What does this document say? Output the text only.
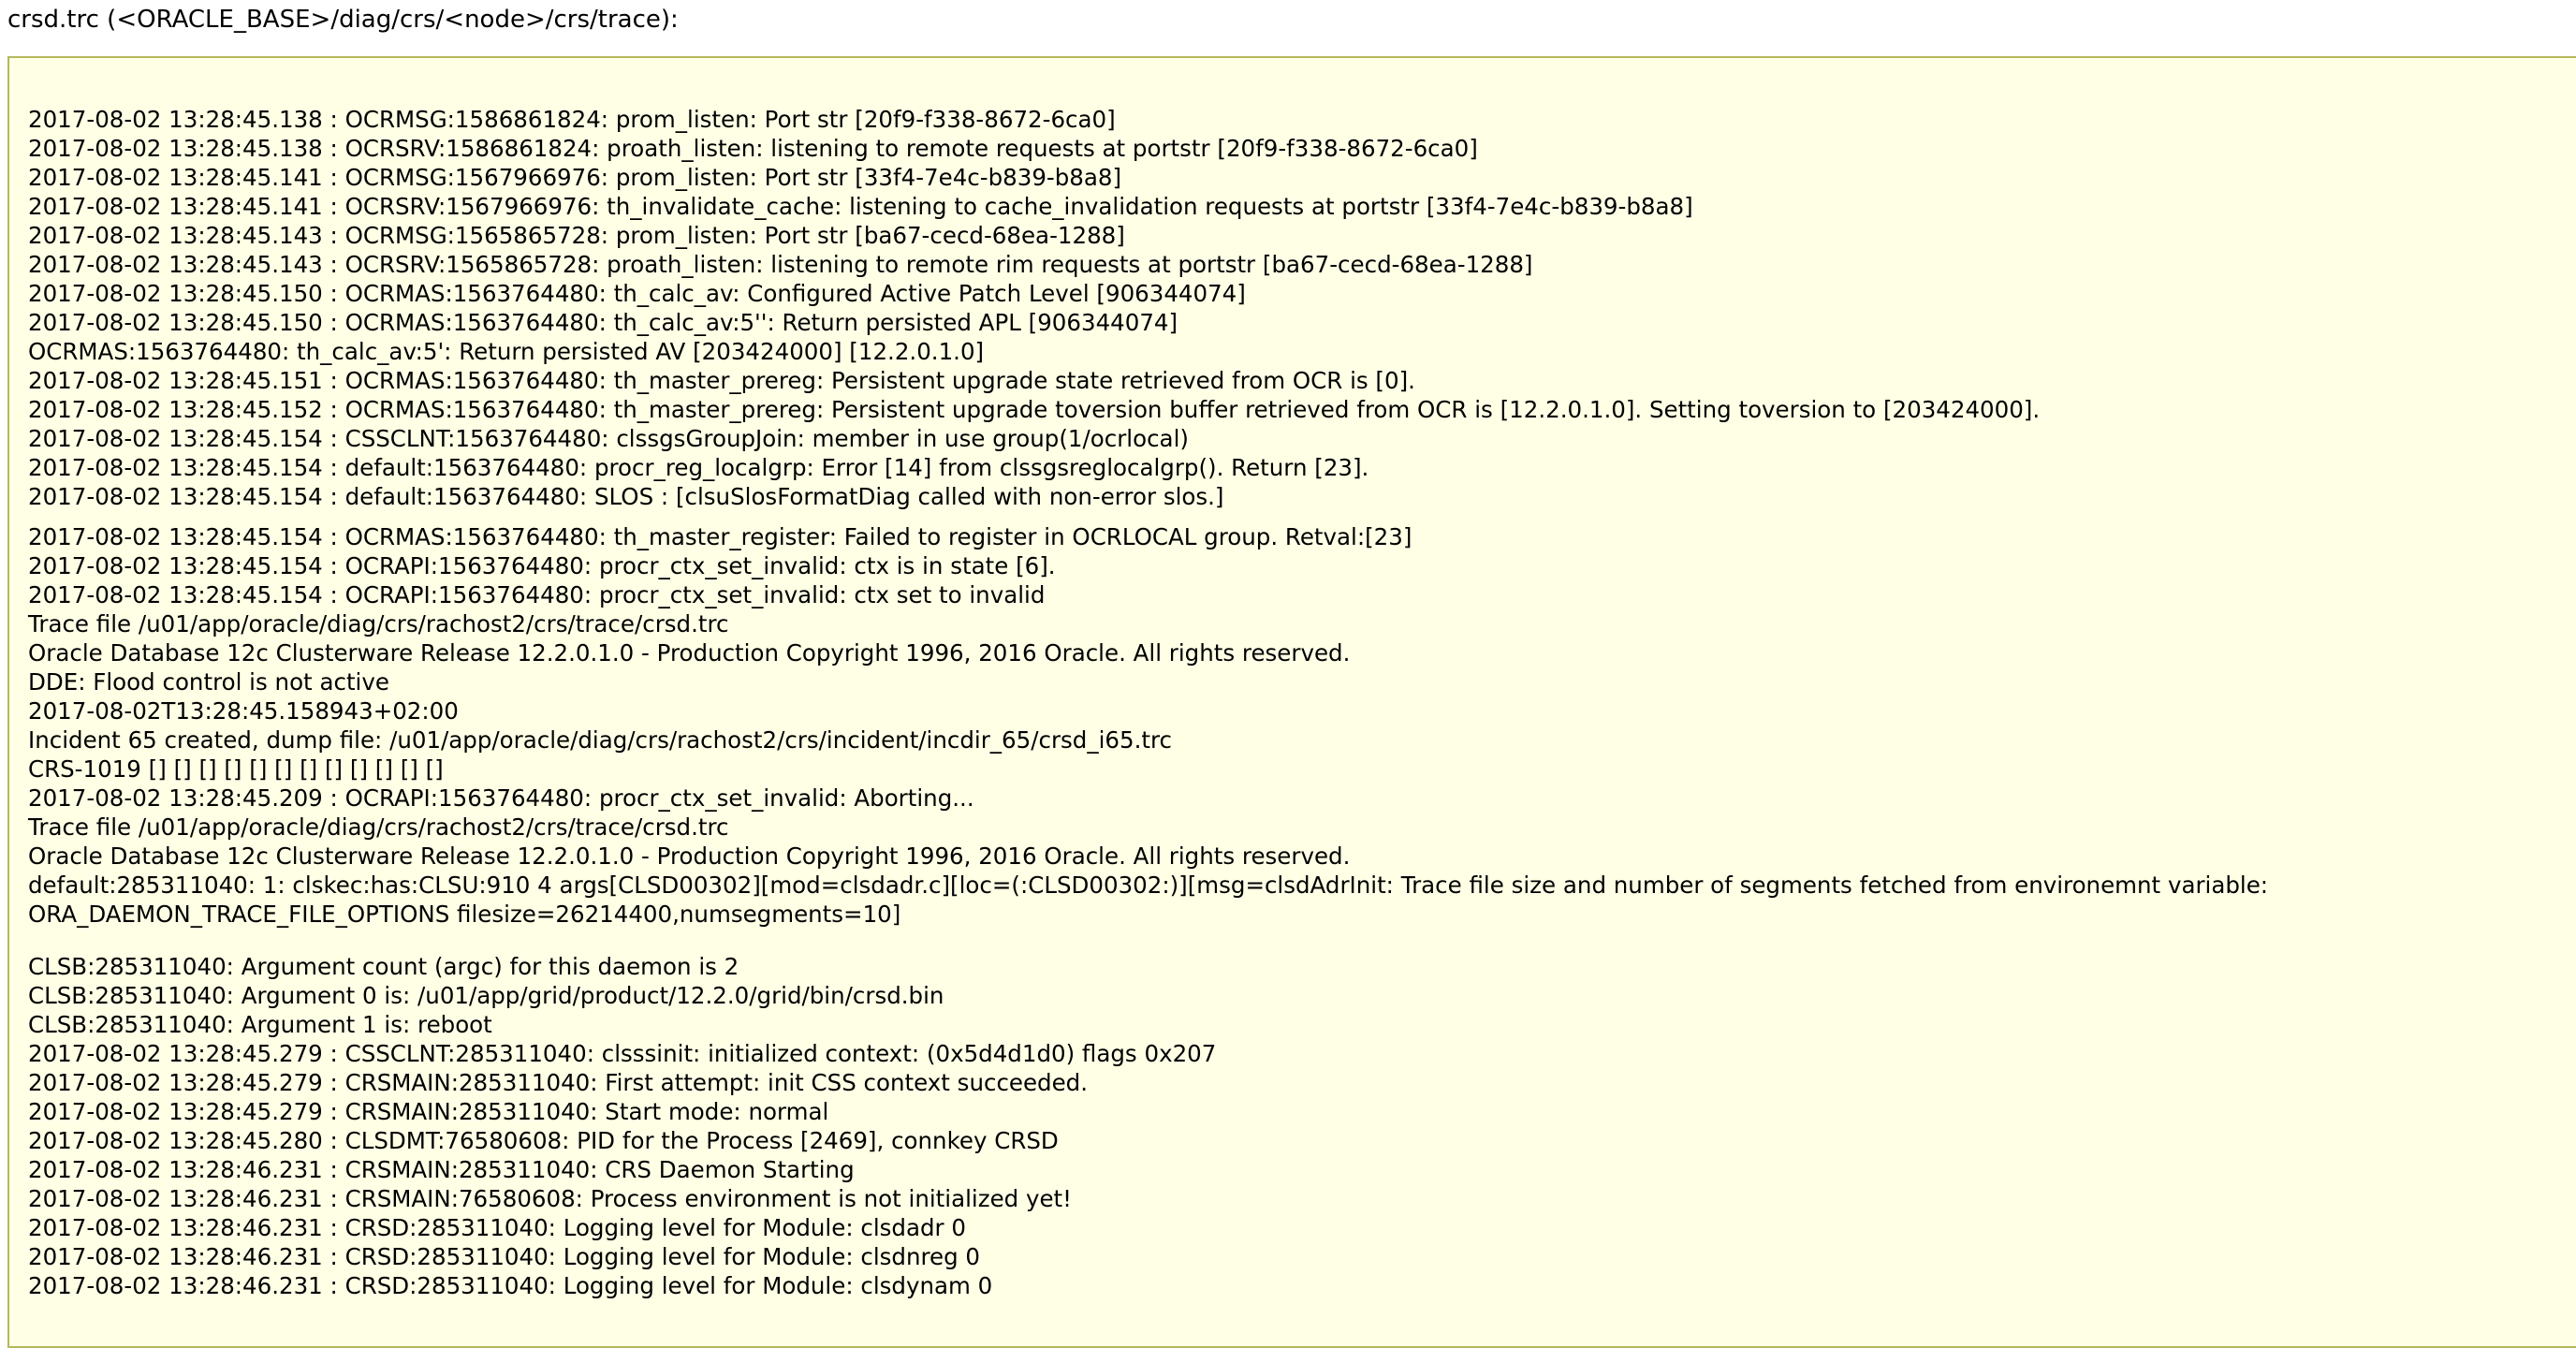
crsd.trc (<ORACLE_BASE>/diag/crs/<node>/crs/trace):
2017-08-02 13:28:45.138 : OCRMSG:1586861824: prom_listen: Port str [20f9-f338-8672-6ca0]
2017-08-02 13:28:45.138 : OCRSRV:1586861824: proath_listen: listening to remote requests at portstr [20f9-f338-8672-6ca0]
2017-08-02 13:28:45.141 : OCRMSG:1567966976: prom_listen: Port str [33f4-7e4c-b839-b8a8]
2017-08-02 13:28:45.141 : OCRSRV:1567966976: th_invalidate_cache: listening to cache_invalidation requests at portstr [33f4-7e4c-b839-b8a8]
2017-08-02 13:28:45.143 : OCRMSG:1565865728: prom_listen: Port str [ba67-cecd-68ea-1288]
2017-08-02 13:28:45.143 : OCRSRV:1565865728: proath_listen: listening to remote rim requests at portstr [ba67-cecd-68ea-1288]
2017-08-02 13:28:45.150 : OCRMAS:1563764480: th_calc_av: Configured Active Patch Level [906344074]
2017-08-02 13:28:45.150 : OCRMAS:1563764480: th_calc_av:5'': Return persisted APL [906344074]
OCRMAS:1563764480: th_calc_av:5': Return persisted AV [203424000] [12.2.0.1.0]
2017-08-02 13:28:45.151 : OCRMAS:1563764480: th_master_prereg: Persistent upgrade state retrieved from OCR is [0].
2017-08-02 13:28:45.152 : OCRMAS:1563764480: th_master_prereg: Persistent upgrade toversion buffer retrieved from OCR is [12.2.0.1.0]. Setting toversion to [203424000].
2017-08-02 13:28:45.154 : CSSCLNT:1563764480: clssgsGroupJoin: member in use group(1/ocrlocal)
2017-08-02 13:28:45.154 : default:1563764480: procr_reg_localgrp: Error [14] from clssgsreglocalgrp(). Return [23].
2017-08-02 13:28:45.154 : default:1563764480: SLOS : [clsuSlosFormatDiag called with non-error slos.]
2017-08-02 13:28:45.154 : OCRMAS:1563764480: th_master_register: Failed to register in OCRLOCAL group. Retval:[23]
2017-08-02 13:28:45.154 : OCRAPI:1563764480: procr_ctx_set_invalid: ctx is in state [6].
2017-08-02 13:28:45.154 : OCRAPI:1563764480: procr_ctx_set_invalid: ctx set to invalid
Trace file /u01/app/oracle/diag/crs/rachost2/crs/trace/crsd.trc
Oracle Database 12c Clusterware Release 12.2.0.1.0 - Production Copyright 1996, 2016 Oracle. All rights reserved.
DDE: Flood control is not active
2017-08-02T13:28:45.158943+02:00
Incident 65 created, dump file: /u01/app/oracle/diag/crs/rachost2/crs/incident/incdir_65/crsd_i65.trc
CRS-1019 [] [] [] [] [] [] [] [] [] [] [] []
2017-08-02 13:28:45.209 : OCRAPI:1563764480: procr_ctx_set_invalid: Aborting...
Trace file /u01/app/oracle/diag/crs/rachost2/crs/trace/crsd.trc
Oracle Database 12c Clusterware Release 12.2.0.1.0 - Production Copyright 1996, 2016 Oracle. All rights reserved.
default:285311040: 1: clskec:has:CLSU:910 4 args[CLSD00302][mod=clsdadr.c][loc=(:CLSD00302:)][msg=clsdAdrInit: Trace file size and number of segments fetched from environemnt variable: ORA_DAEMON_TRACE_FILE_OPTIONS filesize=26214400,numsegments=10]
CLSB:285311040: Argument count (argc) for this daemon is 2
CLSB:285311040: Argument 0 is: /u01/app/grid/product/12.2.0/grid/bin/crsd.bin
CLSB:285311040: Argument 1 is: reboot
2017-08-02 13:28:45.279 : CSSCLNT:285311040: clsssinit: initialized context: (0x5d4d1d0) flags 0x207
2017-08-02 13:28:45.279 : CRSMAIN:285311040: First attempt: init CSS context succeeded.
2017-08-02 13:28:45.279 : CRSMAIN:285311040: Start mode: normal
2017-08-02 13:28:45.280 : CLSDMT:76580608: PID for the Process [2469], connkey CRSD
2017-08-02 13:28:46.231 : CRSMAIN:285311040: CRS Daemon Starting
2017-08-02 13:28:46.231 : CRSMAIN:76580608: Process environment is not initialized yet!
2017-08-02 13:28:46.231 : CRSD:285311040: Logging level for Module: clsdadr 0
2017-08-02 13:28:46.231 : CRSD:285311040: Logging level for Module: clsdnreg 0
2017-08-02 13:28:46.231 : CRSD:285311040: Logging level for Module: clsdynam 0
